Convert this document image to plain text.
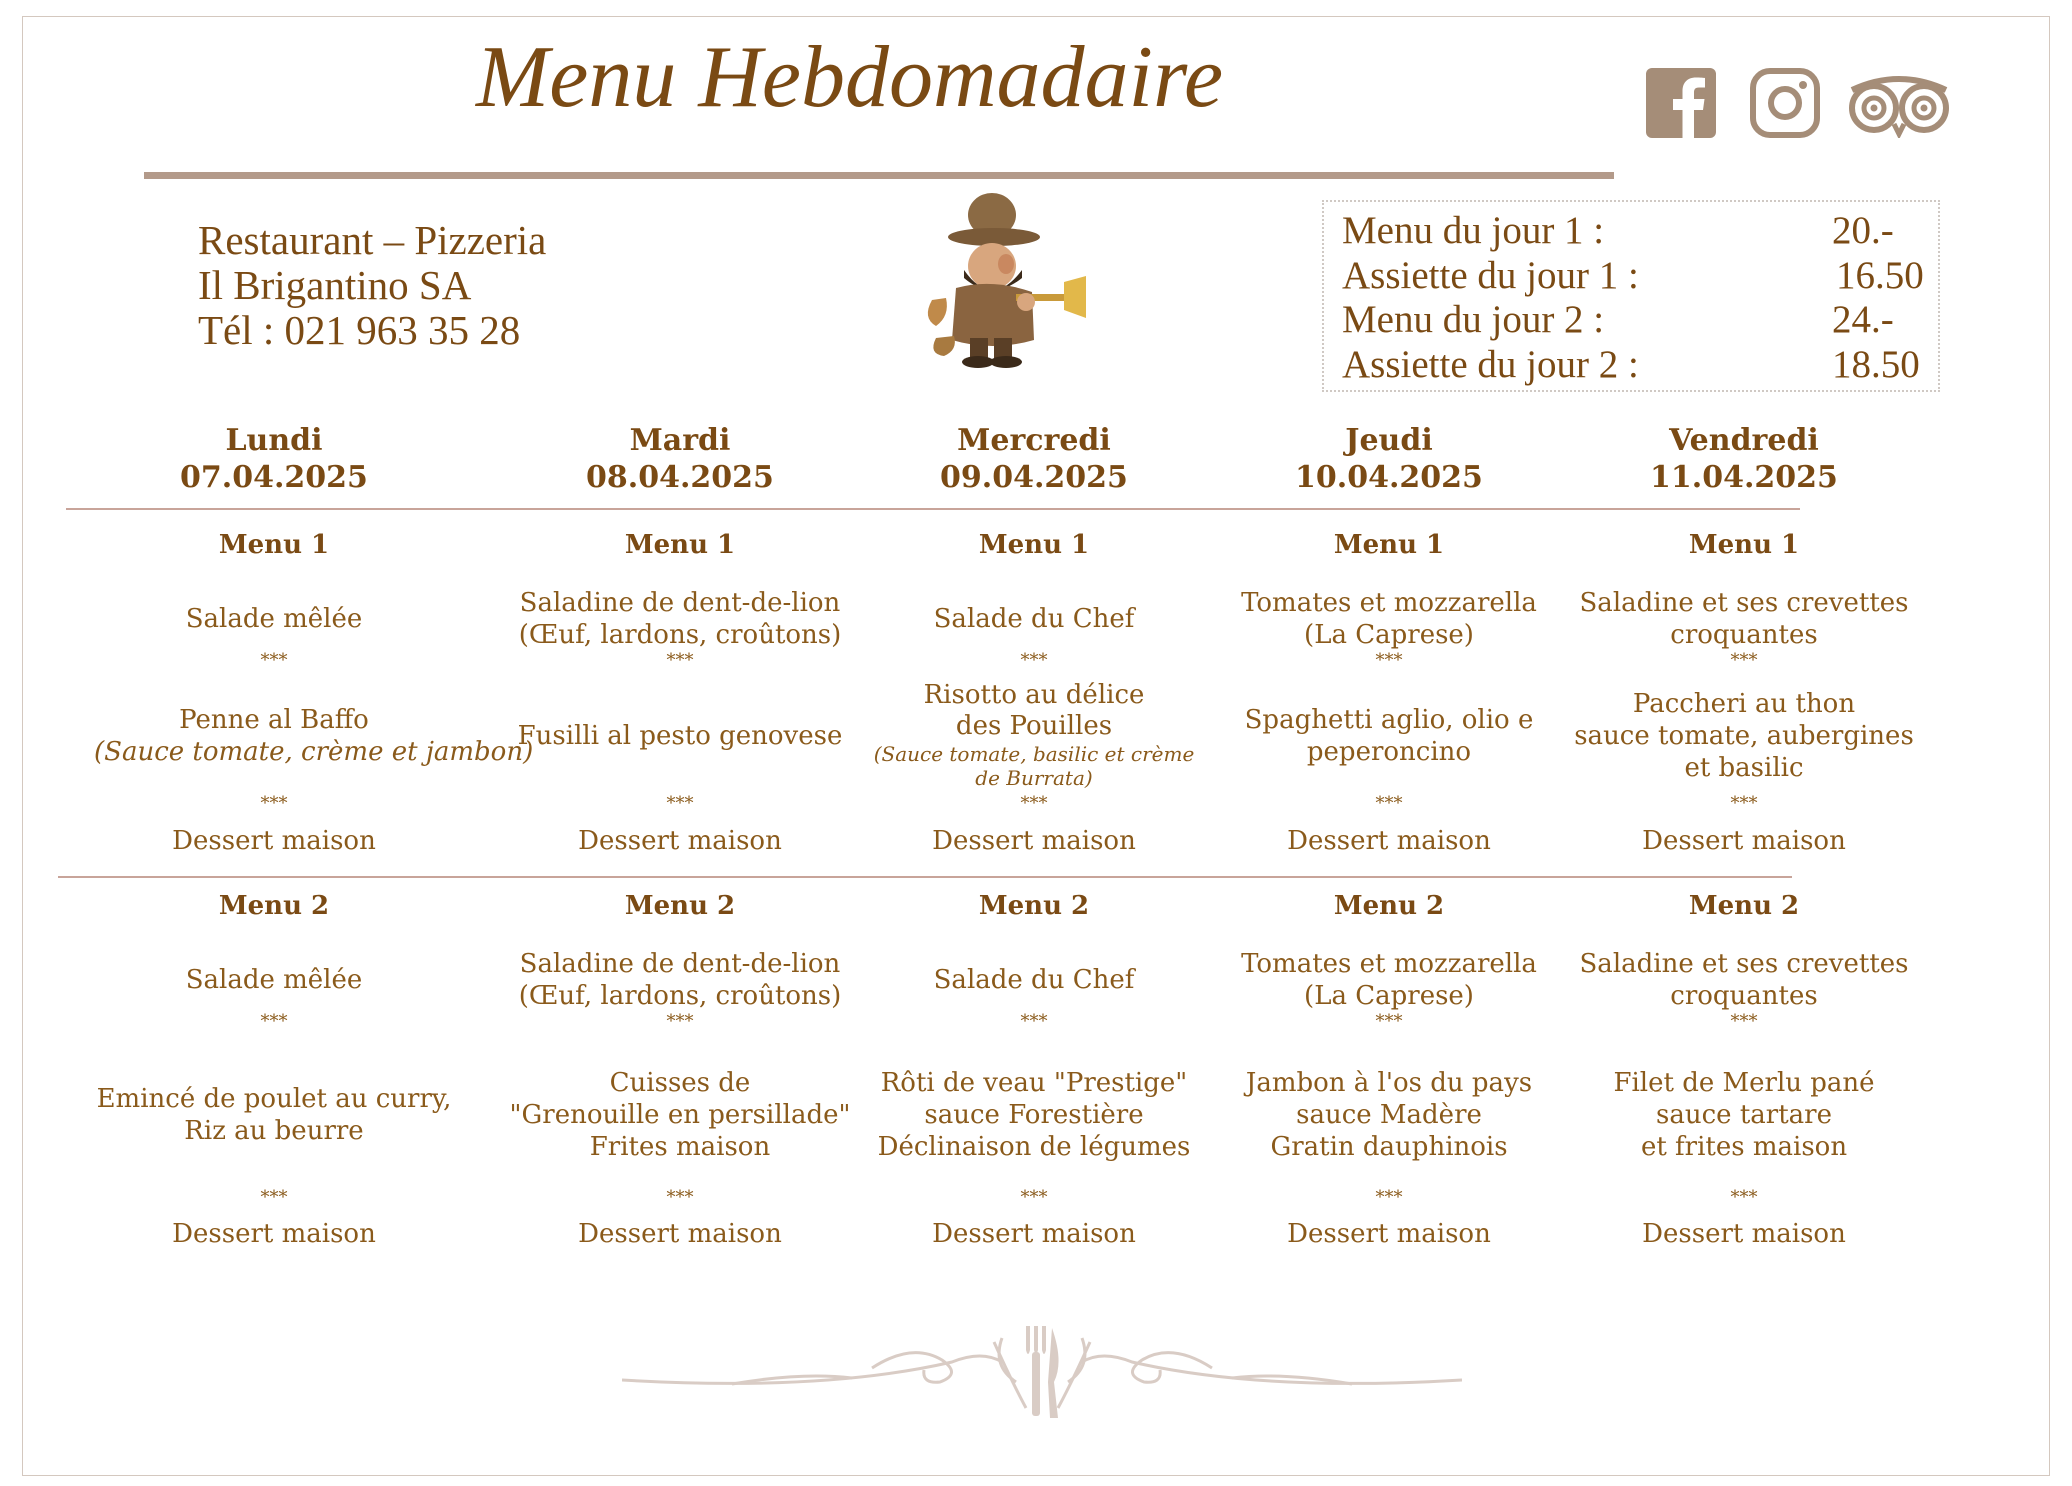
Menu Hebdomadaire
Restaurant – Pizzeria
Il Brigantino SA
Tél : 021 963 35 28
Menu du jour 1 :	20.-
Assiette du jour 1 :	16.50
Menu du jour 2 :	24.-
Assiette du jour 2 :	18.50
Lundi
07.04.2025
Menu 1
Salade mêlée
***
Penne al Baffo
(Sauce tomate, crème et jambon)
***
Dessert maison
Menu 2
Salade mêlée
***
Emincé de poulet au curry,
Riz au beurre
***
Dessert maison
Mardi
08.04.2025
Menu 1
Saladine de dent-de-lion
(Œuf, lardons, croûtons)
***
Fusilli al pesto genovese
***
Dessert maison
Menu 2
Saladine de dent-de-lion
(Œuf, lardons, croûtons)
***
Cuisses de
"Grenouille en persillade"
Frites maison
***
Dessert maison
Mercredi
09.04.2025
Menu 1
Salade du Chef
***
Risotto au délice
des Pouilles
(Sauce tomate, basilic et crème
de Burrata)
***
Dessert maison
Menu 2
Salade du Chef
***
Rôti de veau "Prestige"
sauce Forestière
Déclinaison de légumes
***
Dessert maison
Jeudi
10.04.2025
Menu 1
Tomates et mozzarella
(La Caprese)
***
Spaghetti aglio, olio e
peperoncino
***
Dessert maison
Menu 2
Tomates et mozzarella
(La Caprese)
***
Jambon à l'os du pays
sauce Madère
Gratin dauphinois
***
Dessert maison
Vendredi
11.04.2025
Menu 1
Saladine et ses crevettes
croquantes
***
Paccheri au thon
sauce tomate, aubergines
et basilic
***
Dessert maison
Menu 2
Saladine et ses crevettes
croquantes
***
Filet de Merlu pané
sauce tartare
et frites maison
***
Dessert maison
